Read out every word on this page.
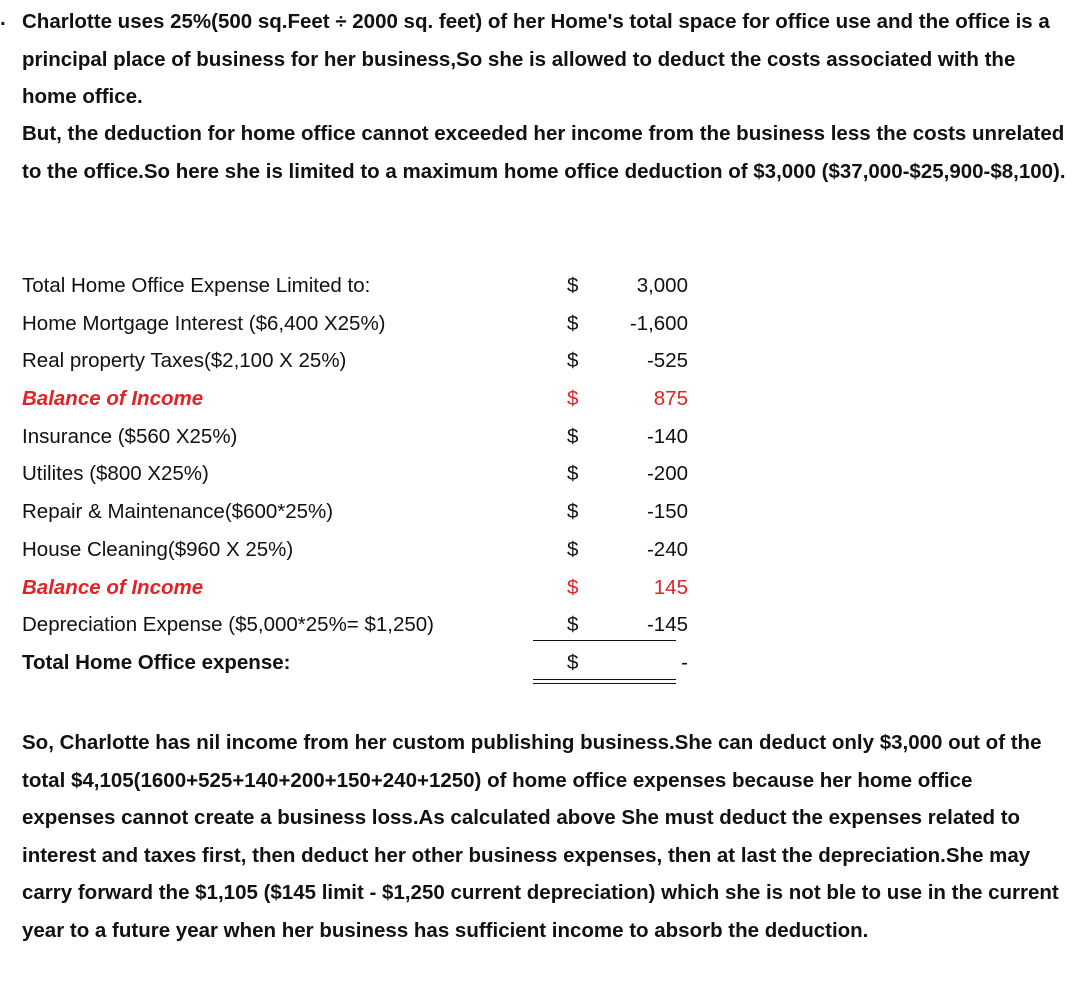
. Charlotte uses 25%(500 sq.Feet ÷ 2000 sq. feet) of her Home's total space for office use and the office is a principal place of business for her business,So she is allowed to deduct the costs associated with the home office.

But, the deduction for home office cannot exceeded her income from the business less the costs unrelated to the office.So here she is limited to a maximum home office deduction of $3,000 ($37,000-$25,900-$8,100).

Total Home Office Expense Limited to:	$	3,000
Home Mortgage Interest ($6,400 X25%)	$	-1,600
Real property Taxes($2,100 X 25%)	$	-525
Balance of Income	$	875
Insurance ($560 X25%)	$	-140
Utilites ($800 X25%)	$	-200
Repair & Maintenance($600*25%)	$	-150
House Cleaning($960 X 25%)	$	-240
Balance of Income	$	145
Depreciation Expense ($5,000*25%= $1,250)	$	-145
Total Home Office expense:	$	-

So, Charlotte has nil income from her custom publishing business.She can deduct only $3,000 out of the total $4,105(1600+525+140+200+150+240+1250) of home office expenses because her home office expenses cannot create a business loss.As calculated above She must deduct the expenses related to interest and taxes first, then deduct her other business expenses, then at last the depreciation.She may carry forward the $1,105 ($145 limit - $1,250 current depreciation) which she is not ble to use in the current year to a future year when her business has sufficient income to absorb the deduction.
